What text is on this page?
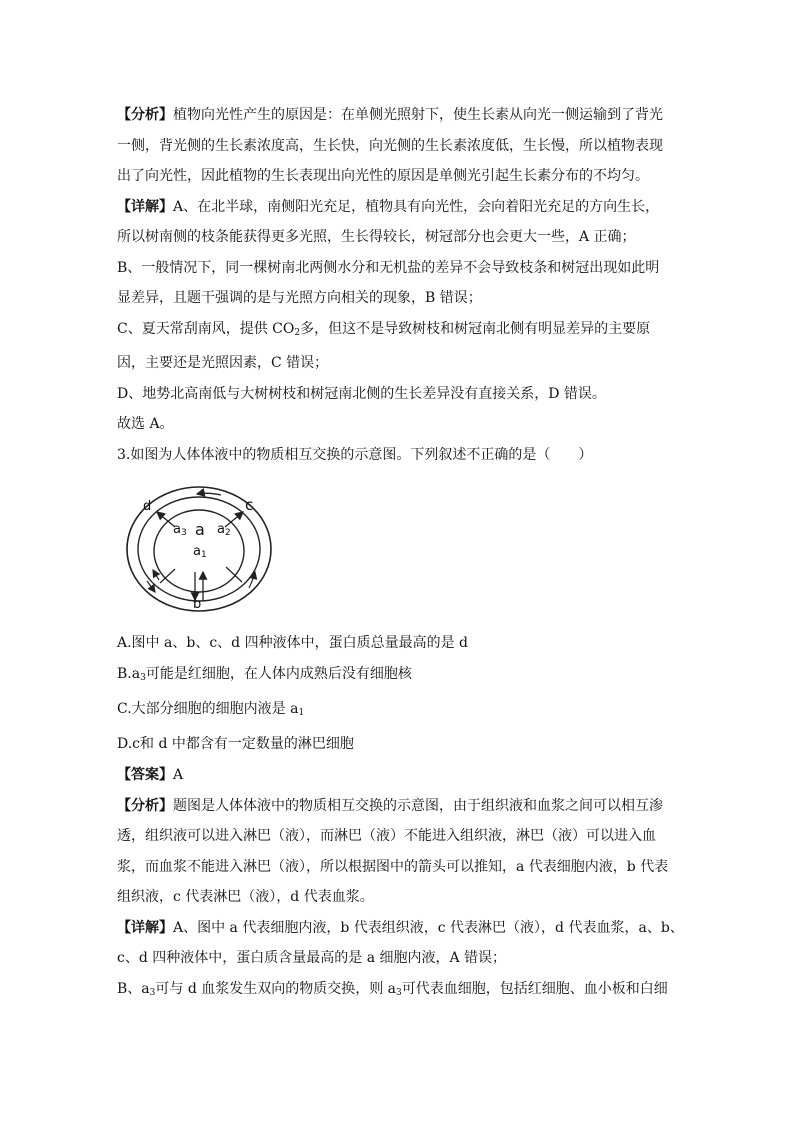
【分析】植物向光性产生的原因是：在单侧光照射下，使生长素从向光一侧运输到了背光
一侧，背光侧的生长素浓度高，生长快，向光侧的生长素浓度低，生长慢，所以植物表现
出了向光性，因此植物的生长表现出向光性的原因是单侧光引起生长素分布的不均匀。
【详解】A、在北半球，南侧阳光充足，植物具有向光性，会向着阳光充足的方向生长，
所以树南侧的枝条能获得更多光照，生长得较长，树冠部分也会更大一些，A 正确；
B、一般情况下，同一棵树南北两侧水分和无机盐的差异不会导致枝条和树冠出现如此明
显差异，且题干强调的是与光照方向相关的现象，B 错误；
C、夏天常刮南风，提供 $CO_2$多，但这不是导致树枝和树冠南北侧有明显差异的主要原
因，主要还是光照因素，C 错误；
D、地势北高南低与大树树枝和树冠南北侧的生长差异没有直接关系，D 错误。
故选 A。
3.如图为人体体液中的物质相互交换的示意图。下列叙述不正确的是（　　）
d	c
$a_3$ a $a_2$
$a_1$
b
A.图中 a、b、c、d 四种液体中，蛋白质总量最高的是 d
$B.a_3$可能是红细胞，在人体内成熟后没有细胞核
C.大部分细胞的细胞内液是 $a_1$
D.c和 d 中都含有一定数量的淋巴细胞
【答案】A
【分析】题图是人体体液中的物质相互交换的示意图，由于组织液和血浆之间可以相互渗
透，组织液可以进入淋巴（液），而淋巴（液）不能进入组织液，淋巴（液）可以进入血
浆，而血浆不能进入淋巴（液），所以根据图中的箭头可以推知，a 代表细胞内液，b 代表
组织液，c 代表淋巴（液），d 代表血浆。
【详解】A、图中 a 代表细胞内液，b 代表组织液，c 代表淋巴（液），d 代表血浆，a、b、
c、d 四种液体中，蛋白质含量最高的是 a 细胞内液，A 错误；
B、$a_3$可与 d 血浆发生双向的物质交换，则 $a_3$可代表血细胞，包括红细胞、血小板和白细
